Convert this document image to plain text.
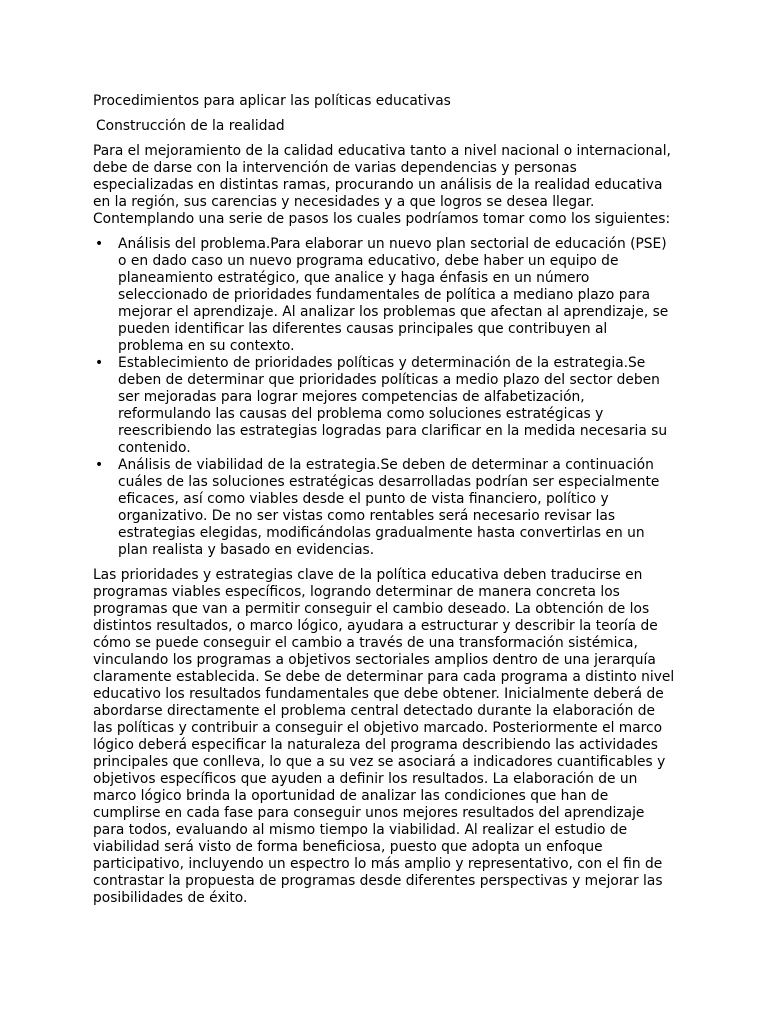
Procedimientos para aplicar las políticas educativas

Construcción de la realidad

Para el mejoramiento de la calidad educativa tanto a nivel nacional o internacional, debe de darse con la intervención de varias dependencias y personas especializadas en distintas ramas, procurando un análisis de la realidad educativa en la región, sus carencias y necesidades y a que logros se desea llegar. Contemplando una serie de pasos los cuales podríamos tomar como los siguientes:

• Análisis del problema.Para elaborar un nuevo plan sectorial de educación (PSE) o en dado caso un nuevo programa educativo, debe haber un equipo de planeamiento estratégico, que analice y haga énfasis en un número seleccionado de prioridades fundamentales de política a mediano plazo para mejorar el aprendizaje. Al analizar los problemas que afectan al aprendizaje, se pueden identificar las diferentes causas principales que contribuyen al problema en su contexto.
• Establecimiento de prioridades políticas y determinación de la estrategia.Se deben de determinar que prioridades políticas a medio plazo del sector deben ser mejoradas para lograr mejores competencias de alfabetización, reformulando las causas del problema como soluciones estratégicas y reescribiendo las estrategias logradas para clarificar en la medida necesaria su contenido.
• Análisis de viabilidad de la estrategia.Se deben de determinar a continuación cuáles de las soluciones estratégicas desarrolladas podrían ser especialmente eficaces, así como viables desde el punto de vista financiero, político y organizativo. De no ser vistas como rentables será necesario revisar las estrategias elegidas, modificándolas gradualmente hasta convertirlas en un plan realista y basado en evidencias.

Las prioridades y estrategias clave de la política educativa deben traducirse en programas viables específicos, logrando determinar de manera concreta los programas que van a permitir conseguir el cambio deseado. La obtención de los distintos resultados, o marco lógico, ayudara a estructurar y describir la teoría de cómo se puede conseguir el cambio a través de una transformación sistémica, vinculando los programas a objetivos sectoriales amplios dentro de una jerarquía claramente establecida. Se debe de determinar para cada programa a distinto nivel educativo los resultados fundamentales que debe obtener. Inicialmente deberá de abordarse directamente el problema central detectado durante la elaboración de las políticas y contribuir a conseguir el objetivo marcado. Posteriormente el marco lógico deberá especificar la naturaleza del programa describiendo las actividades principales que conlleva, lo que a su vez se asociará a indicadores cuantificables y objetivos específicos que ayuden a definir los resultados. La elaboración de un marco lógico brinda la oportunidad de analizar las condiciones que han de cumplirse en cada fase para conseguir unos mejores resultados del aprendizaje para todos, evaluando al mismo tiempo la viabilidad. Al realizar el estudio de viabilidad será visto de forma beneficiosa, puesto que adopta un enfoque participativo, incluyendo un espectro lo más amplio y representativo, con el fin de contrastar la propuesta de programas desde diferentes perspectivas y mejorar las posibilidades de éxito.
